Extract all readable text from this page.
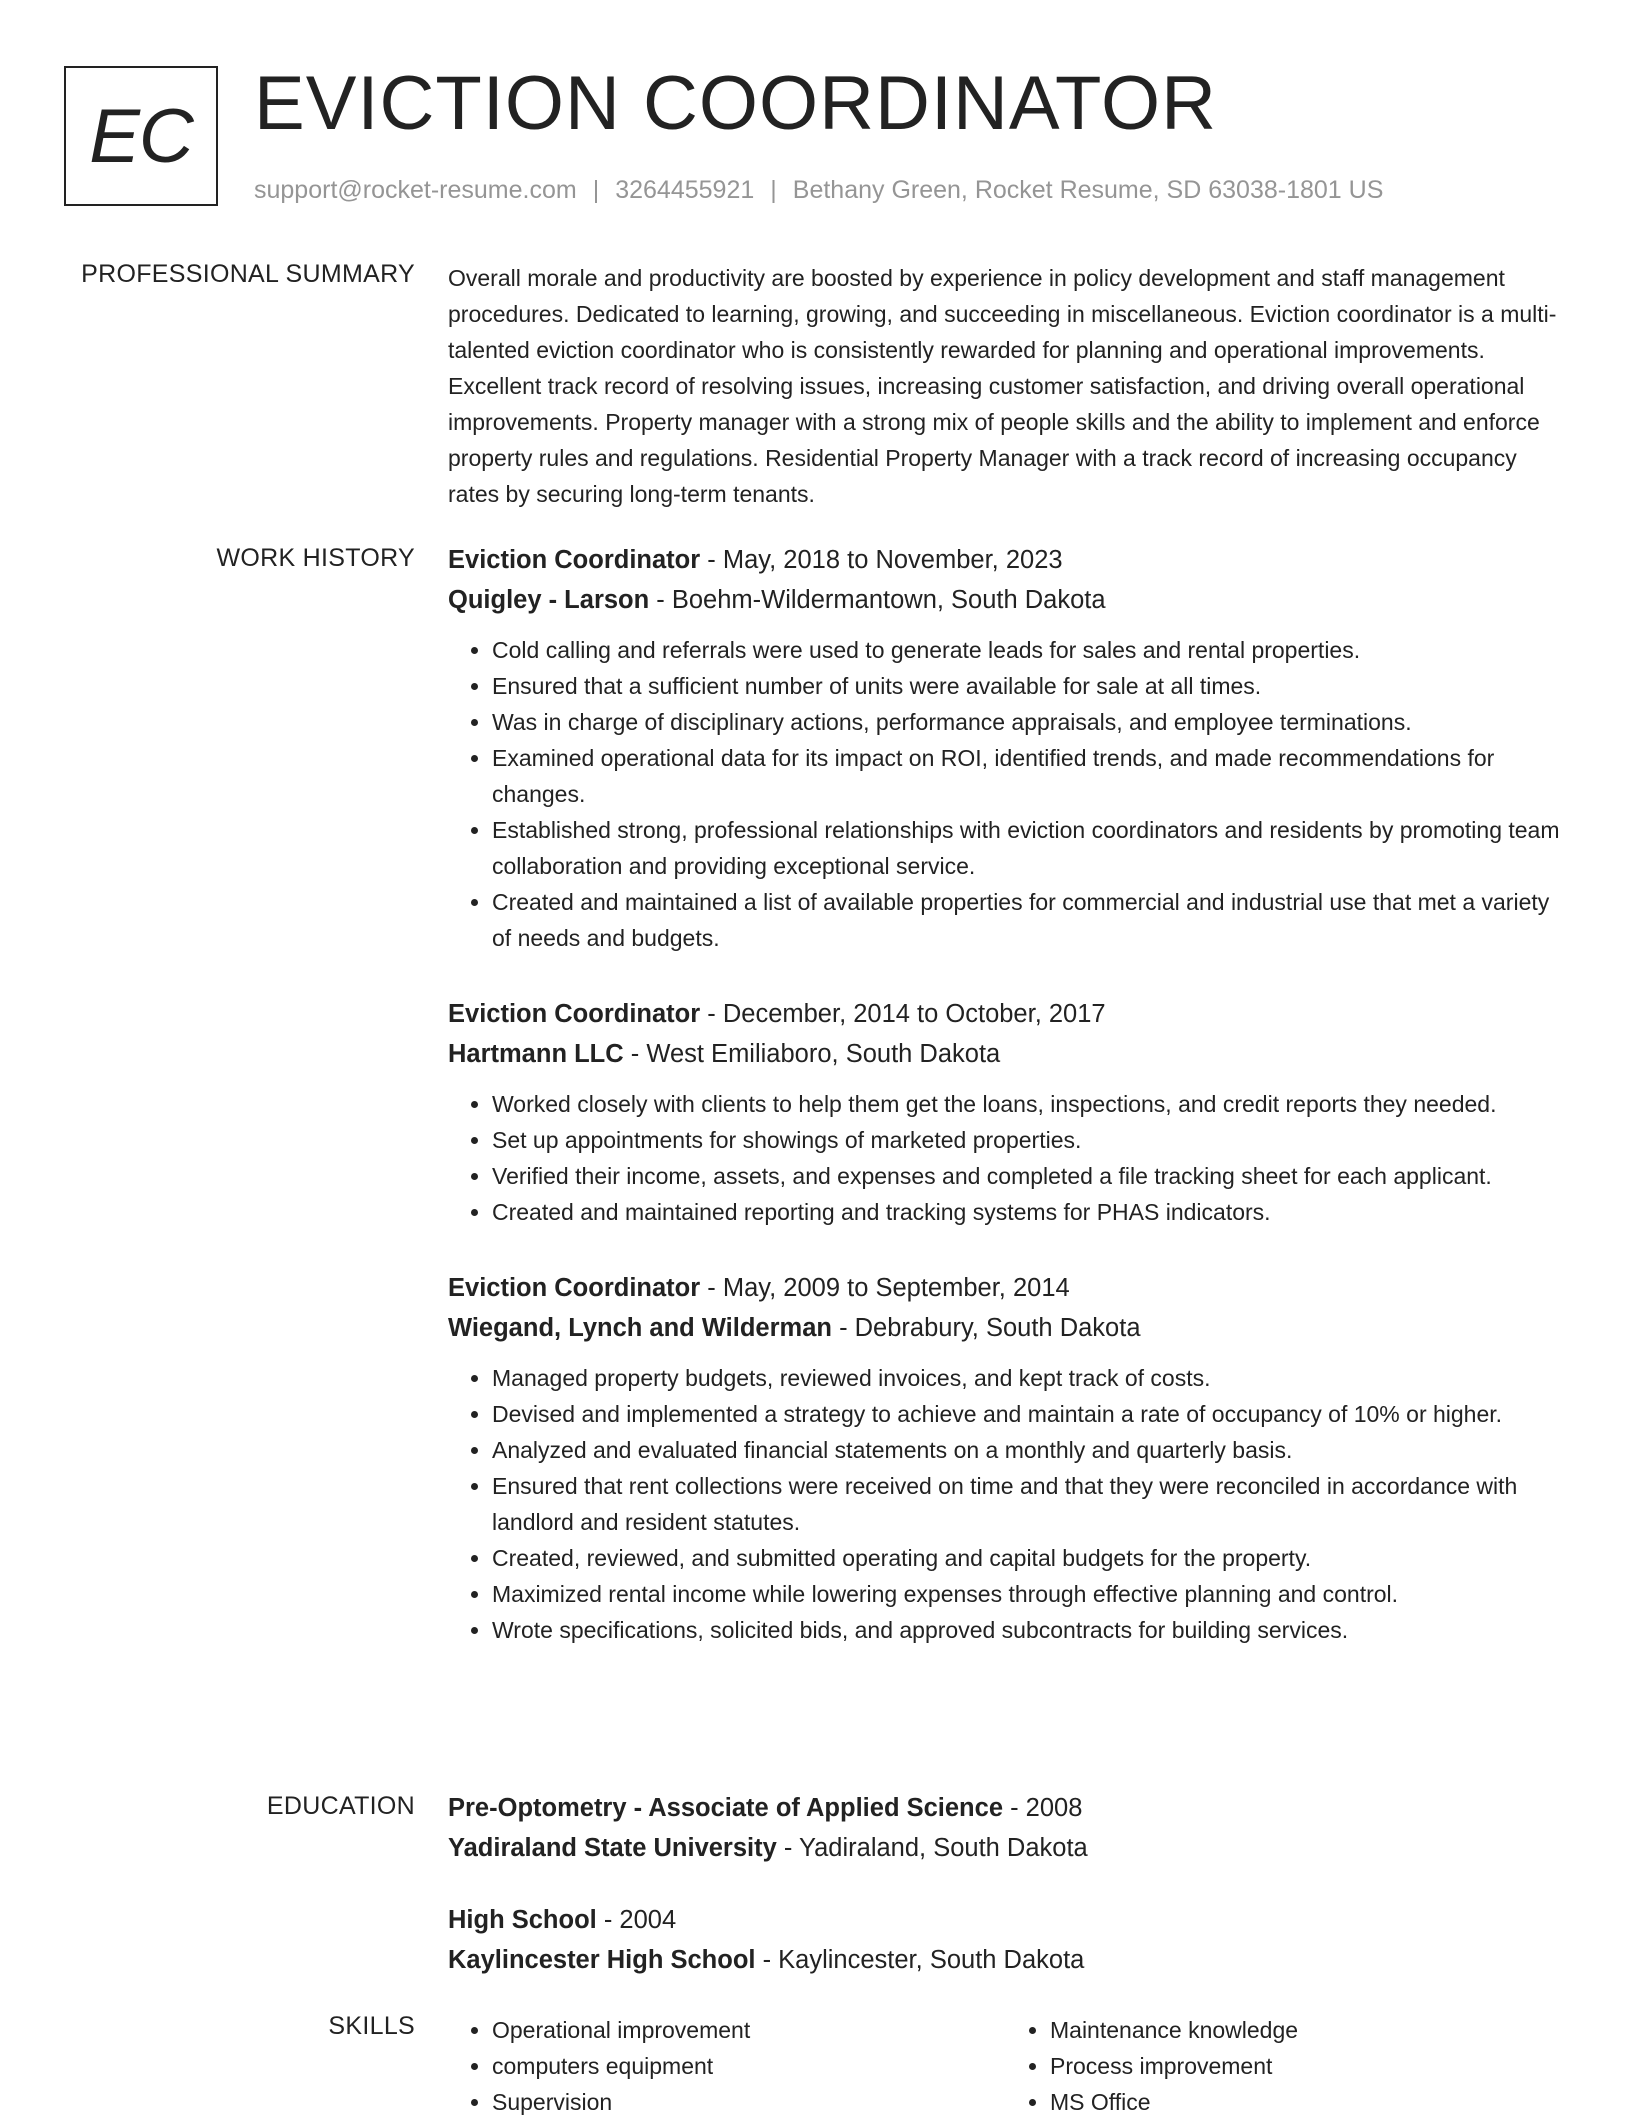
EC EVICTION COORDINATOR
support@rocket-resume.com | 3264455921 | Bethany Green, Rocket Resume, SD 63038-1801 US
PROFESSIONAL SUMMARY Overall morale and productivity are boosted by experience in policy development and staff management procedures. Dedicated to learning, growing, and succeeding in miscellaneous. Eviction coordinator is a multi-talented eviction coordinator who is consistently rewarded for planning and operational improvements. Excellent track record of resolving issues, increasing customer satisfaction, and driving overall operational improvements. Property manager with a strong mix of people skills and the ability to implement and enforce property rules and regulations. Residential Property Manager with a track record of increasing occupancy rates by securing long-term tenants.

WORK HISTORY Eviction Coordinator - May, 2018 to November, 2023
Quigley - Larson - Boehm-Wildermantown, South Dakota
• Cold calling and referrals were used to generate leads for sales and rental properties.
• Ensured that a sufficient number of units were available for sale at all times.
• Was in charge of disciplinary actions, performance appraisals, and employee terminations.
• Examined operational data for its impact on ROI, identified trends, and made recommendations for changes.
• Established strong, professional relationships with eviction coordinators and residents by promoting team collaboration and providing exceptional service.
• Created and maintained a list of available properties for commercial and industrial use that met a variety of needs and budgets.
Eviction Coordinator - December, 2014 to October, 2017
Hartmann LLC - West Emiliaboro, South Dakota
• Worked closely with clients to help them get the loans, inspections, and credit reports they needed.
• Set up appointments for showings of marketed properties.
• Verified their income, assets, and expenses and completed a file tracking sheet for each applicant.
• Created and maintained reporting and tracking systems for PHAS indicators.
Eviction Coordinator - May, 2009 to September, 2014
Wiegand, Lynch and Wilderman - Debrabury, South Dakota
• Managed property budgets, reviewed invoices, and kept track of costs.
• Devised and implemented a strategy to achieve and maintain a rate of occupancy of 10% or higher.
• Analyzed and evaluated financial statements on a monthly and quarterly basis.
• Ensured that rent collections were received on time and that they were reconciled in accordance with landlord and resident statutes.
• Created, reviewed, and submitted operating and capital budgets for the property.
• Maximized rental income while lowering expenses through effective planning and control.
• Wrote specifications, solicited bids, and approved subcontracts for building services.
EDUCATION Pre-Optometry - Associate of Applied Science - 2008
Yadiraland State University - Yadiraland, South Dakota
High School - 2004
Kaylincester High School - Kaylincester, South Dakota
SKILLS
•	Operational improvement
• computers equipment
• Supervision
• Maintenance knowledge
• Process improvement
• MS Office
